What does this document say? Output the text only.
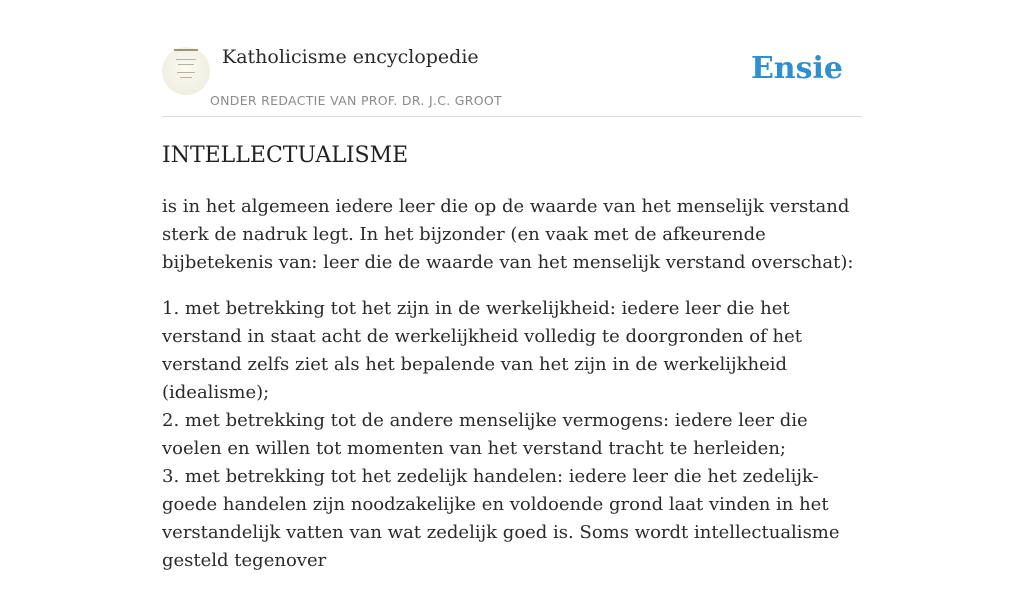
Katholicisme encyclopedie
ONDER REDACTIE VAN PROF. DR. J.C. GROOT
Ensie
INTELLECTUALISME

is in het algemeen iedere leer die op de waarde van het menselijk verstand sterk de nadruk legt. In het bijzonder (en vaak met de afkeurende bijbetekenis van: leer die de waarde van het menselijk verstand overschat):

1. met betrekking tot het zijn in de werkelijkheid: iedere leer die het verstand in staat acht de werkelijkheid volledig te doorgronden of het verstand zelfs ziet als het bepalende van het zijn in de werkelijkheid (idealisme);
2. met betrekking tot de andere menselijke vermogens: iedere leer die voelen en willen tot momenten van het verstand tracht te herleiden;
3. met betrekking tot het zedelijk handelen: iedere leer die het zedelijk-goede handelen zijn noodzakelijke en voldoende grond laat vinden in het verstandelijk vatten van wat zedelijk goed is. Soms wordt intellectualisme gesteld tegenover
